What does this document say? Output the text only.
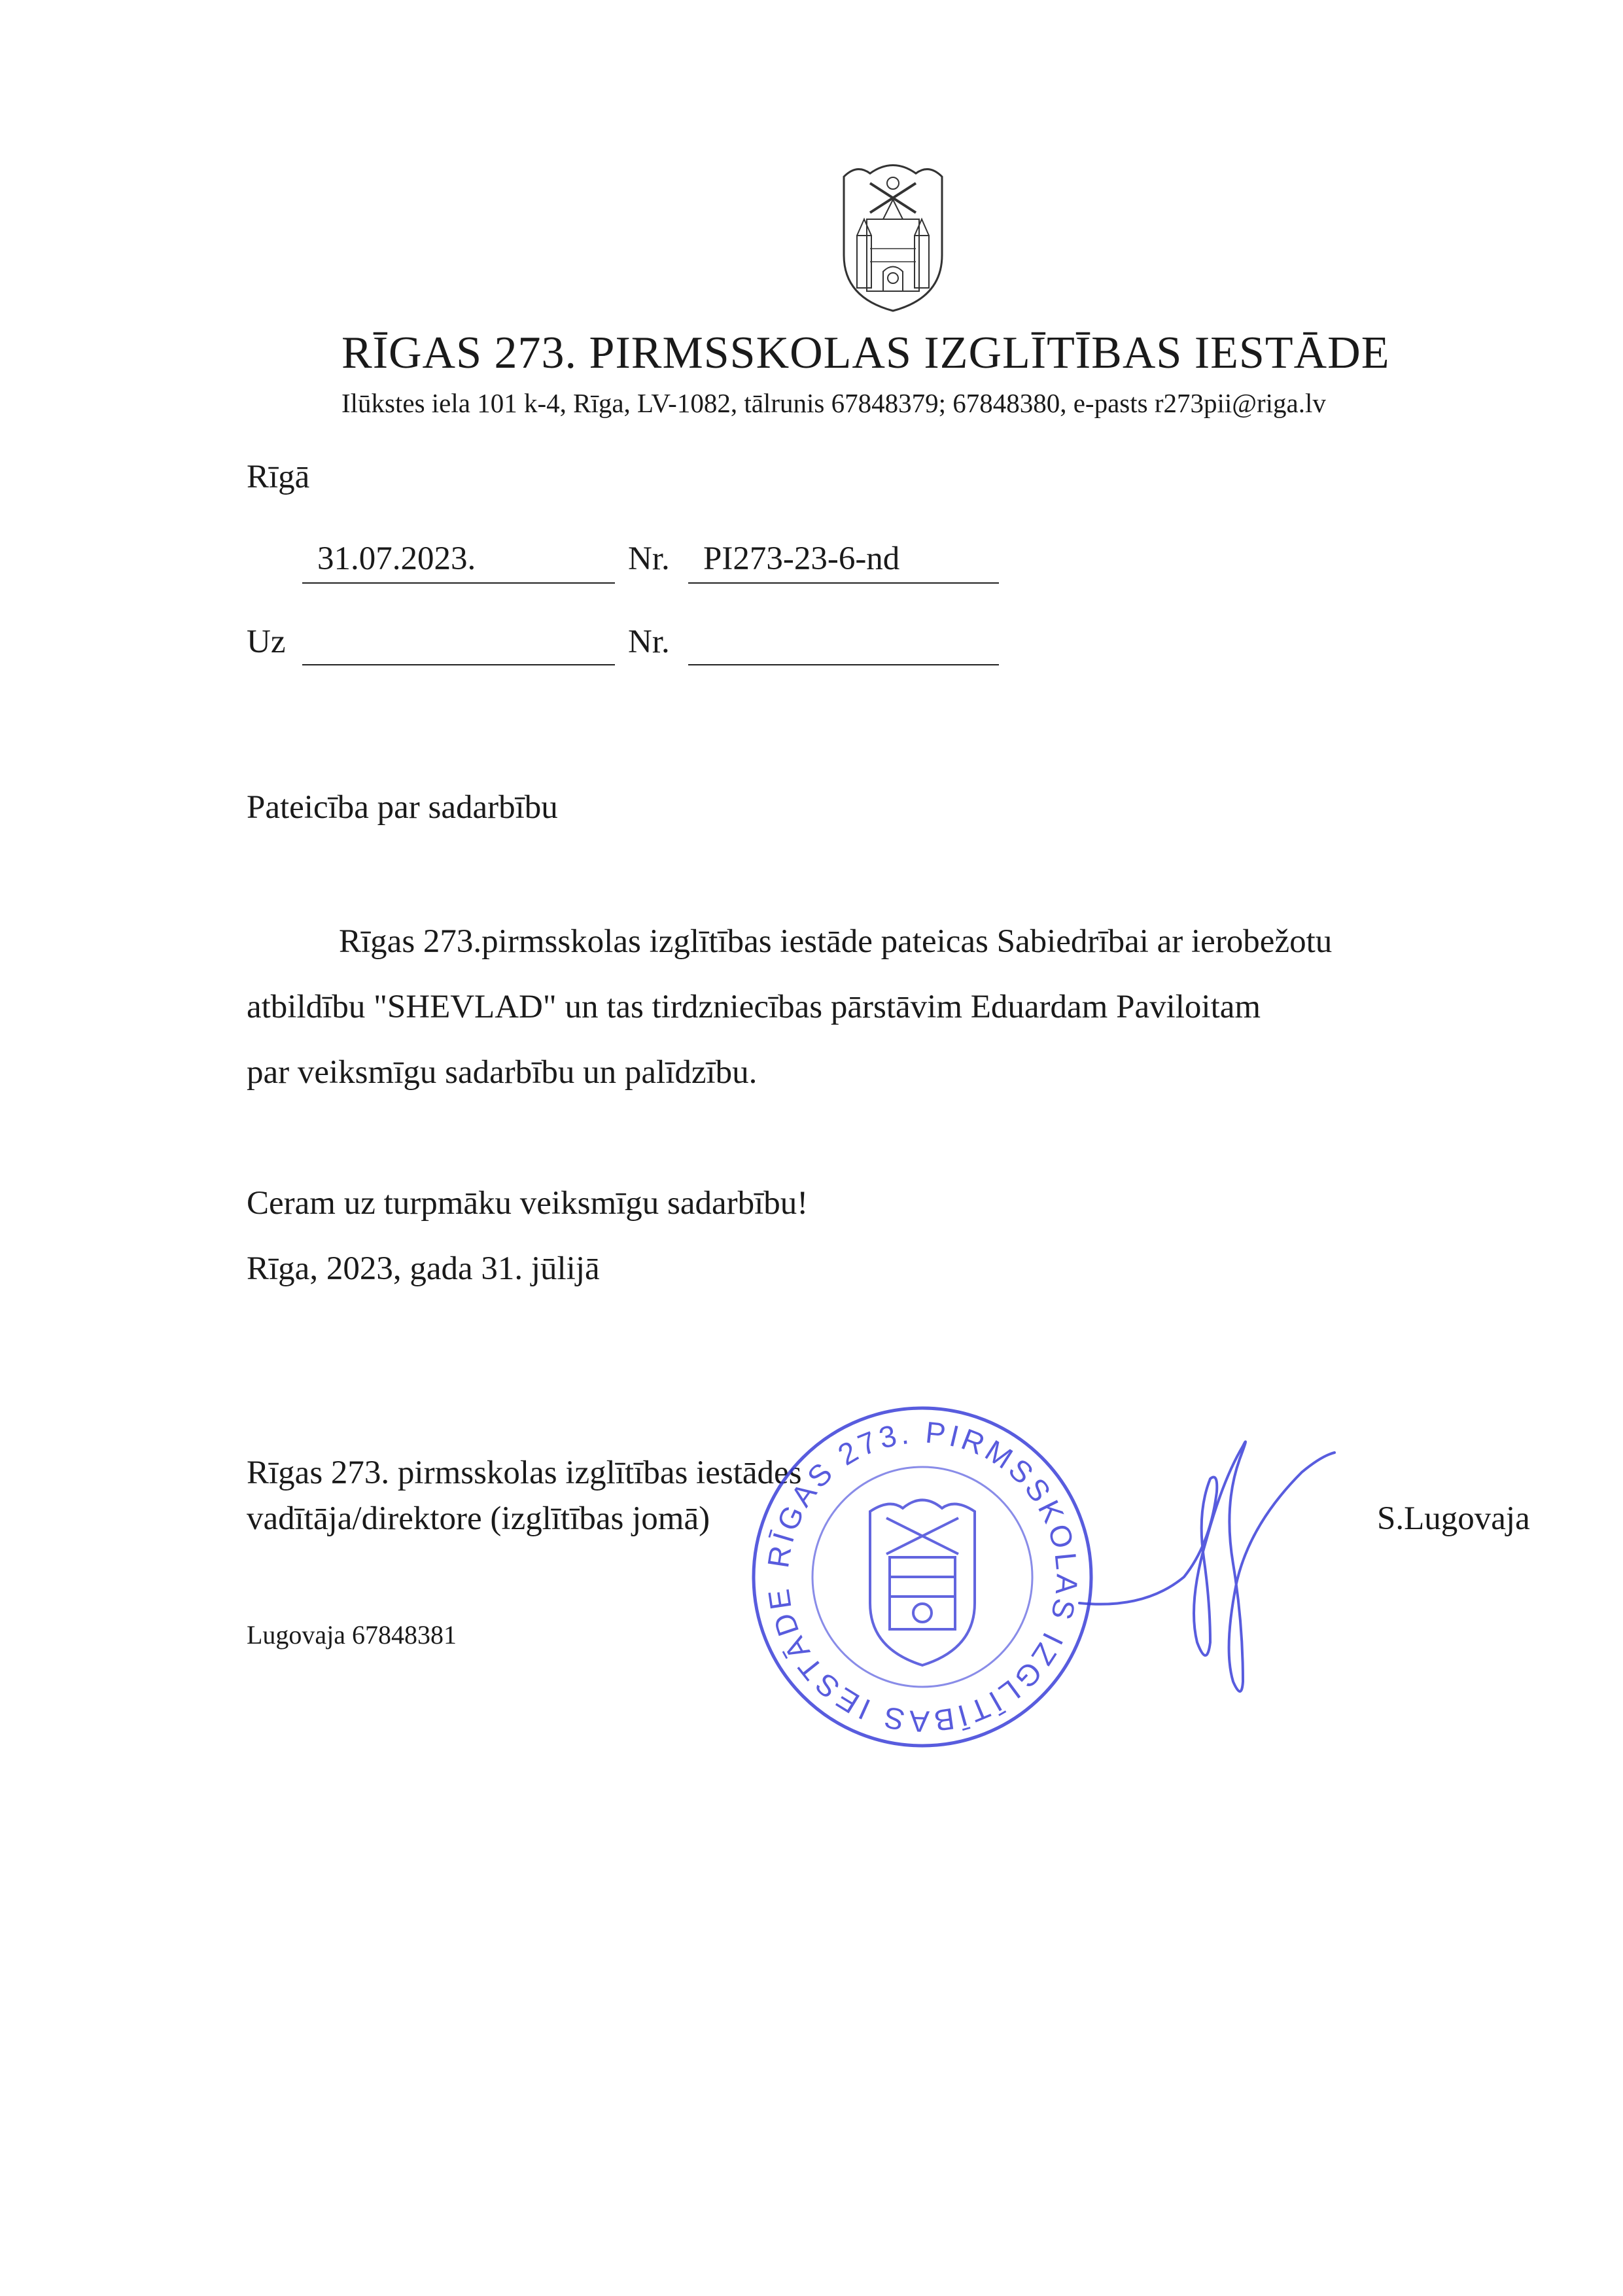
RĪGAS 273. PIRMSSKOLAS IZGLĪTĪBAS IESTĀDE
Ilūkstes iela 101 k-4, Rīga, LV-1082, tālrunis 67848379; 67848380, e-pasts r273pii@riga.lv
Rīgā
31.07.2023.	Nr. PI273-23-6-nd
Uz	Nr.
Pateicība par sadarbību
Rīgas 273.pirmsskolas izglītības iestāde pateicas Sabiedrībai ar ierobežotu
atbildību "SHEVLAD" un tas tirdzniecības pārstāvim Eduardam Paviloitam
par veiksmīgu sadarbību un palīdzību.
Ceram uz turpmāku veiksmīgu sadarbību!
Rīga, 2023, gada 31. jūlijā
Rīgas 273. pirmsskolas izglītības iestādes
vadītāja/direktore (izglītības jomā)	S.Lugovaja
Lugovaja 67848381
RĪGAS 273. PIRMSSKOLAS IZGLĪTĪBAS IESTĀDE
